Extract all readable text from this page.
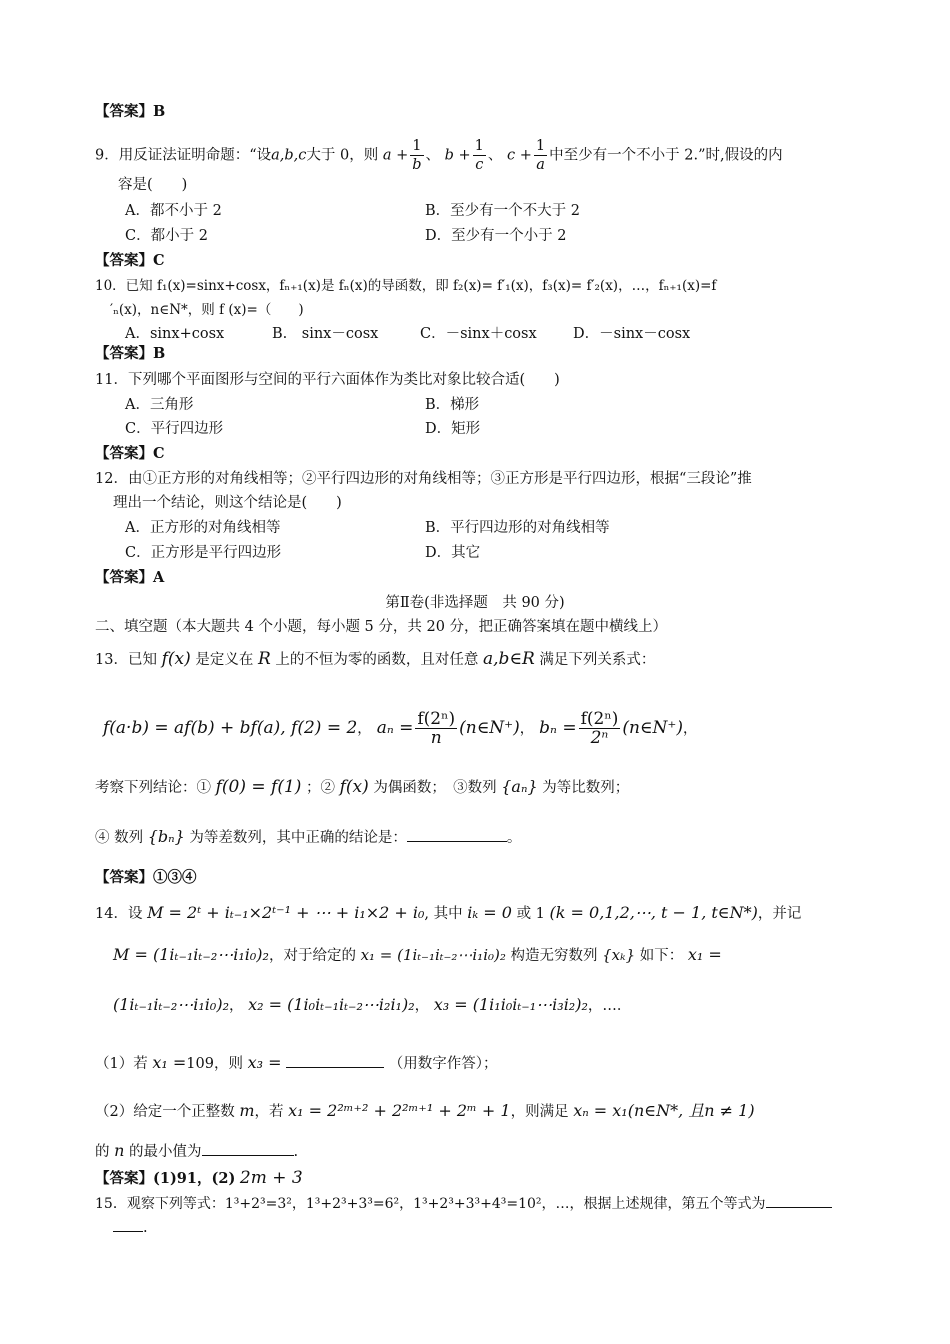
【答案】B
9．用反证法证明命题：“设a,b,c大于 0，则 $a + \frac{1}{b}$ 、 $b + \frac{1}{c}$ 、 $c + \frac{1}{a}$ 中至少有一个不小于 2.”时,假设的内
容是(　　)
A．都不小于 2	B．至少有一个不大于 2
C．都小于 2	D．至少有一个小于 2
【答案】C
10．已知 f₁(x)=sinx+cosx，fₙ₊₁(x)是 fₙ(x)的导函数，即 f₂(x)= f′₁(x)，f₃(x)= f′₂(x)，…，fₙ₊₁(x)=f
′ₙ(x)，n∈N*，则 f (x)=（　　)
A．sinx+cosx	B.　sinx－cosx	C．－sinx＋cosx	D．－sinx－cosx
【答案】B
11．下列哪个平面图形与空间的平行六面体作为类比对象比较合适(　　)
A．三角形	B．梯形
C．平行四边形	D．矩形
【答案】C
12．由①正方形的对角线相等；②平行四边形的对角线相等；③正方形是平行四边形，根据“三段论”推
理出一个结论，则这个结论是(　　)
A．正方形的对角线相等	B．平行四边形的对角线相等
C．正方形是平行四边形	D．其它
【答案】A
第Ⅱ卷(非选择题　共 90 分)
二、填空题（本大题共 4 个小题，每小题 5 分，共 20 分，把正确答案填在题中横线上）
13．已知 f(x) 是定义在 R 上的不恒为零的函数，且对任意 a,b∈R 满足下列关系式：
f(a·b) = af(b) + bf(a), f(2) = 2， $a_n = \frac{\text{f(2ⁿ)}}{n}$ (n∈N⁺)， $b_n = \frac{\text{f(2ⁿ)}}{\text{2ⁿ}}$ (n∈N⁺)，
考察下列结论：① f(0) = f(1) ；② f(x) 为偶函数；　③数列 {aₙ} 为等比数列；
④ 数列 {bₙ} 为等差数列，其中正确的结论是：	。
【答案】①③④
14．设 M = 2ᵗ + iₜ₋₁×2ᵗ⁻¹ + ⋯ + i₁×2 + i₀, 其中 iₖ = 0 或 1 (k = 0,1,2,⋯, t − 1, t∈N*)，并记
M = (1iₜ₋₁iₜ₋₂⋯i₁i₀)₂，对于给定的 x₁ = (1iₜ₋₁iₜ₋₂⋯i₁i₀)₂ 构造无穷数列 {xₖ} 如下： x₁ =
(1iₜ₋₁iₜ₋₂⋯i₁i₀)₂， x₂ = (1i₀iₜ₋₁iₜ₋₂⋯i₂i₁)₂， x₃ = (1i₁i₀iₜ₋₁⋯i₃i₂)₂，…．
（1）若 x₁ =109，则 x₃ =	（用数字作答）；
（2）给定一个正整数 m，若 x₁ = 2²ᵐ⁺² + 2²ᵐ⁺¹ + 2ᵐ + 1，则满足 xₙ = x₁(n∈N*, 且n ≠ 1)
的 n 的最小值为	.
【答案】(1)91，(2) 2m + 3
15．观察下列等式：1³+2³=3²，1³+2³+3³=6²，1³+2³+3³+4³=10²，…，根据上述规律，第五个等式为
.
